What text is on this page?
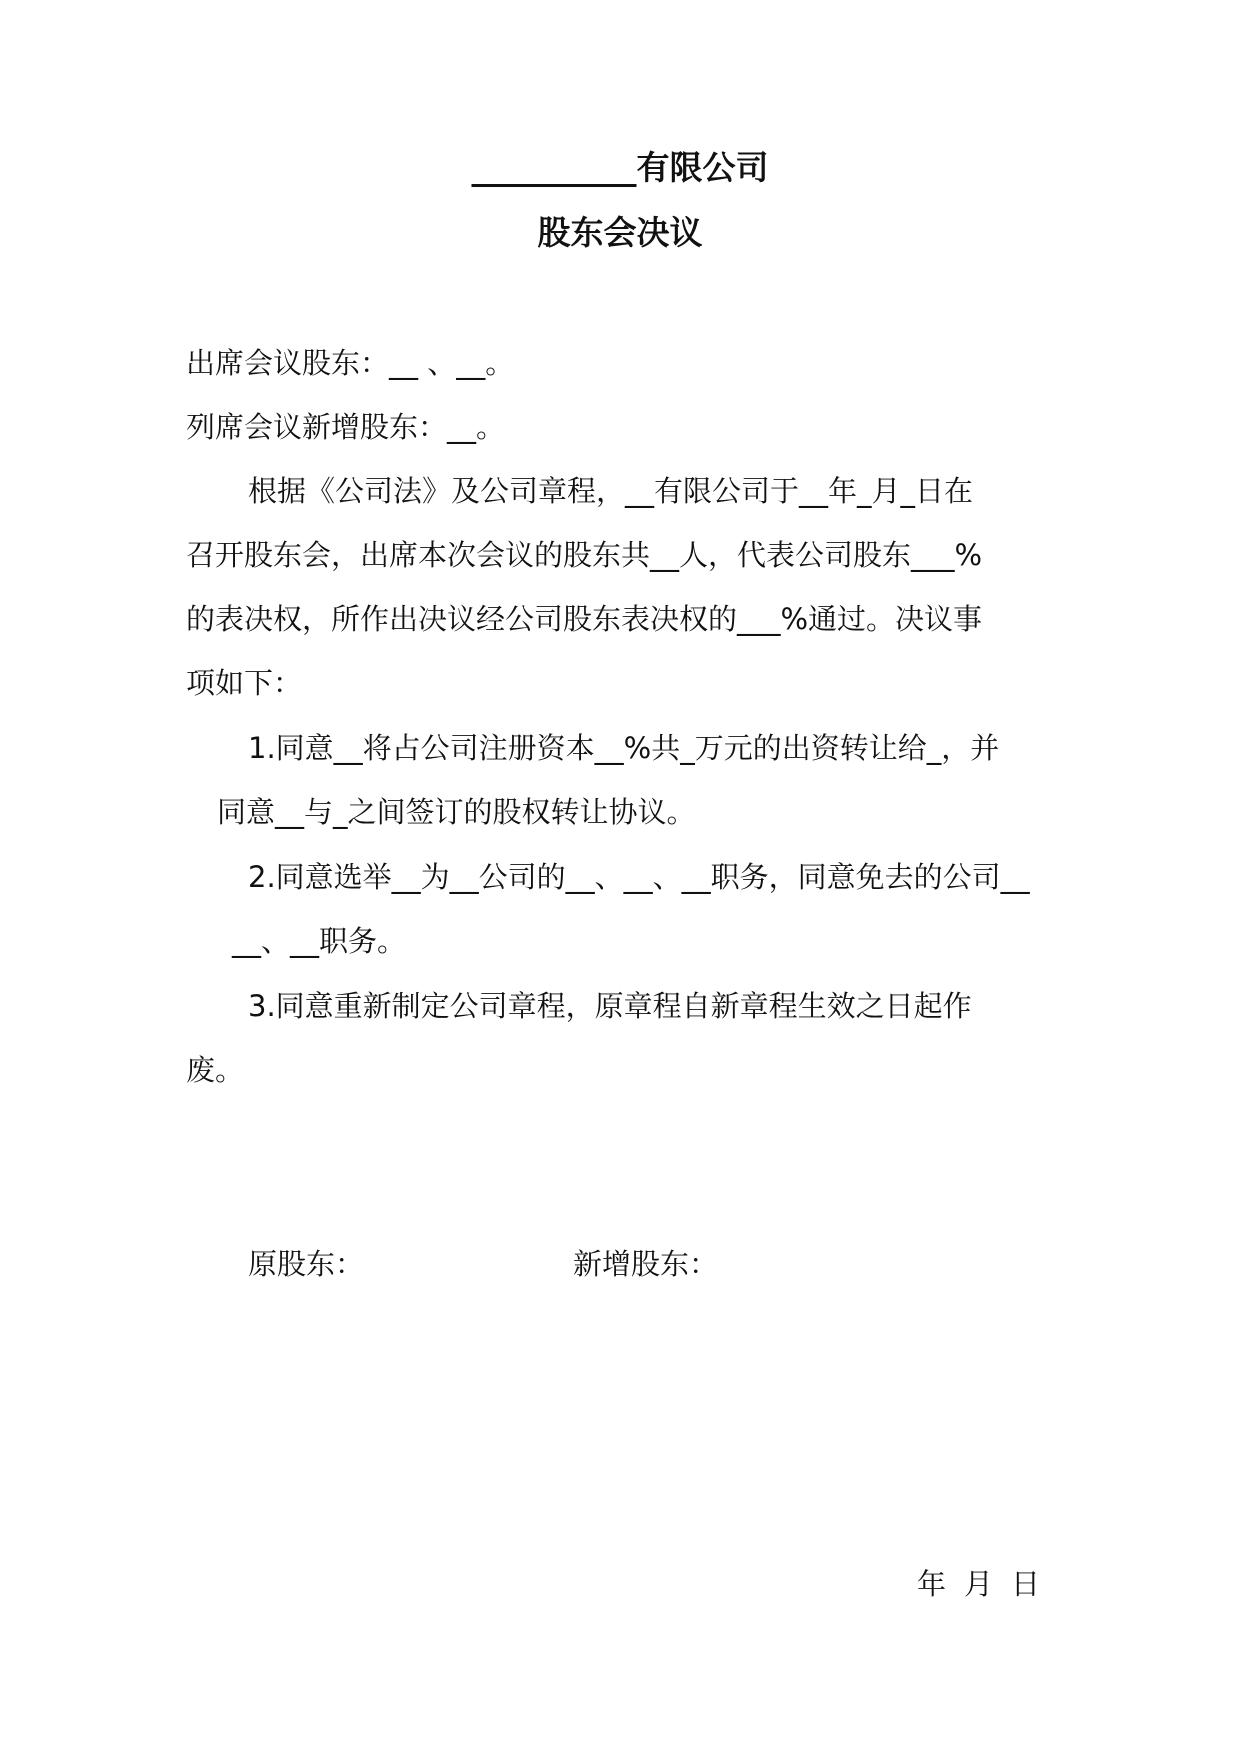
__________有限公司
股东会决议
出席会议股东：__ 、__。
列席会议新增股东：__。
根据《公司法》及公司章程，__有限公司于__年_月_日在
召开股东会，出席本次会议的股东共__人，代表公司股东___%
的表决权，所作出决议经公司股东表决权的___%通过。决议事
项如下：
1.同意__将占公司注册资本__%共_万元的出资转让给_，并
同意__与_之间签订的股权转让协议。
2.同意选举__为__公司的__、__、__职务，同意免去的公司__
__、__职务。
3.同意重新制定公司章程，原章程自新章程生效之日起作
废。
原股东：	新增股东：
年 月 日
